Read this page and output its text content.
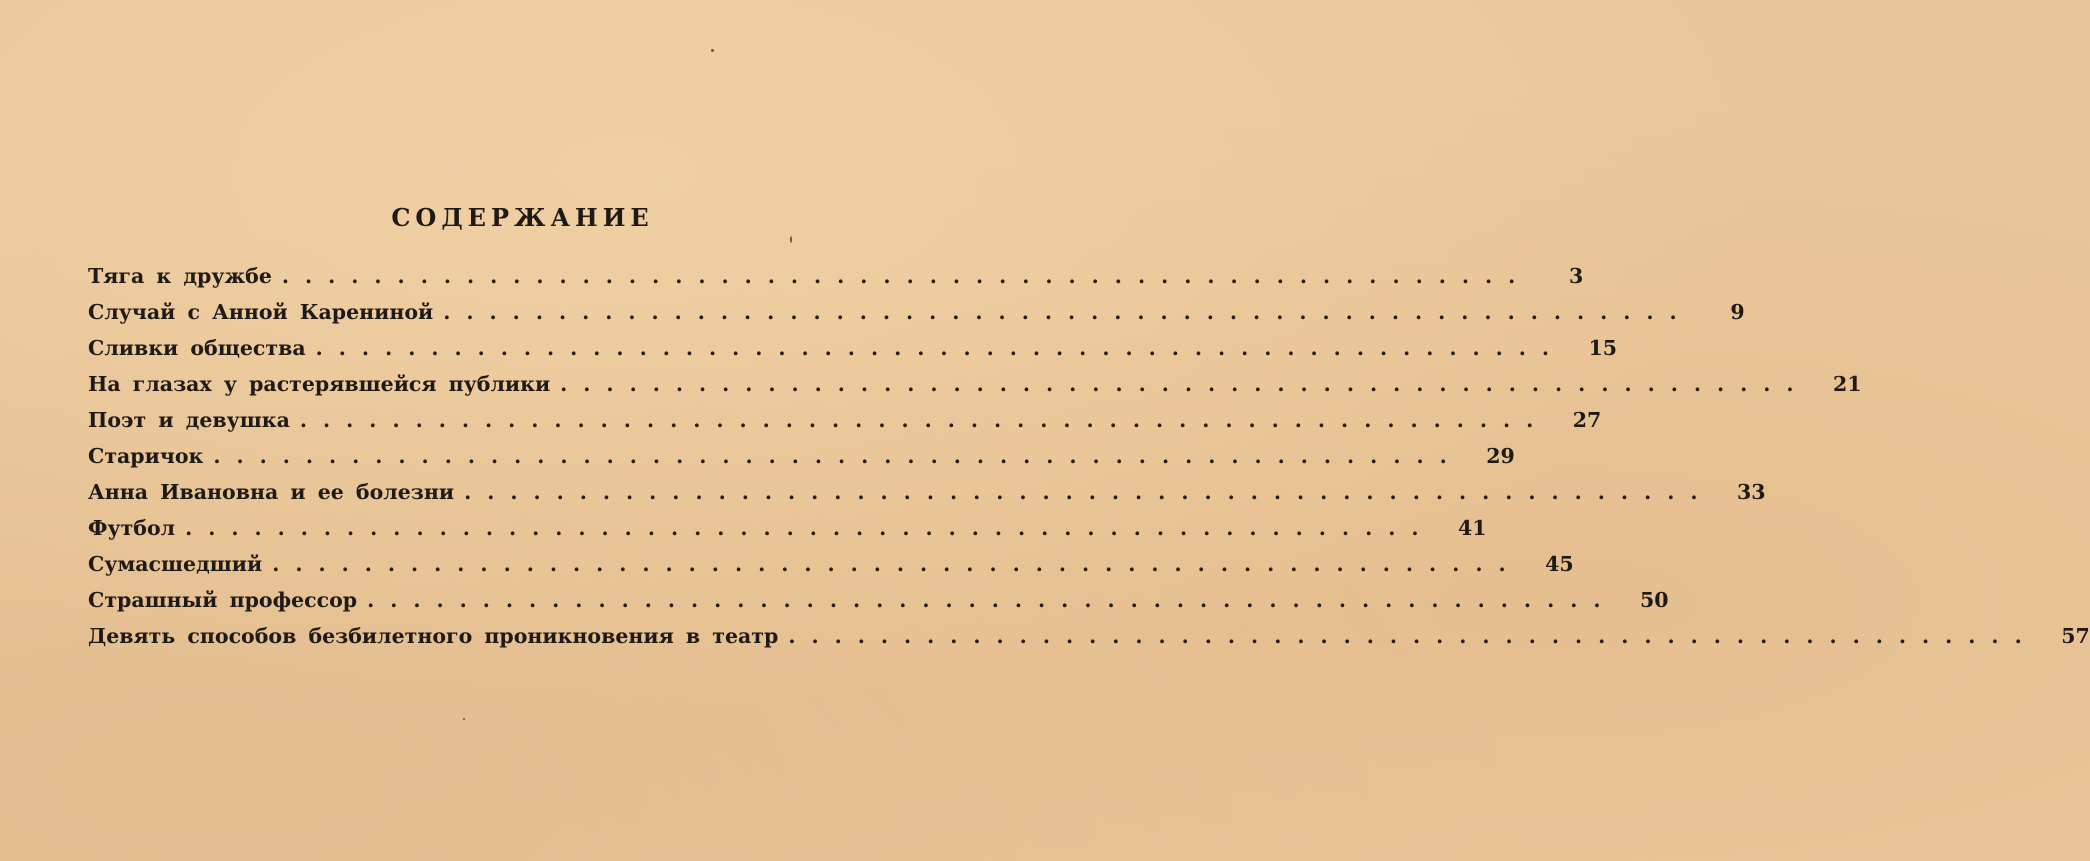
СОДЕРЖАНИЕ
Тяга к дружбе ......................................................	3
Случай с Анной Карениной ......................................................	9
Сливки общества ......................................................	15
На глазах у растерявшейся публики ......................................................	21
Поэт и девушка ......................................................	27
Старичок ......................................................	29
Анна Ивановна и ее болезни ......................................................	33
Футбол ......................................................	41
Сумасшедший ......................................................	45
Страшный профессор ......................................................	50
Девять способов безбилетного проникновения в театр ......................................................	57
